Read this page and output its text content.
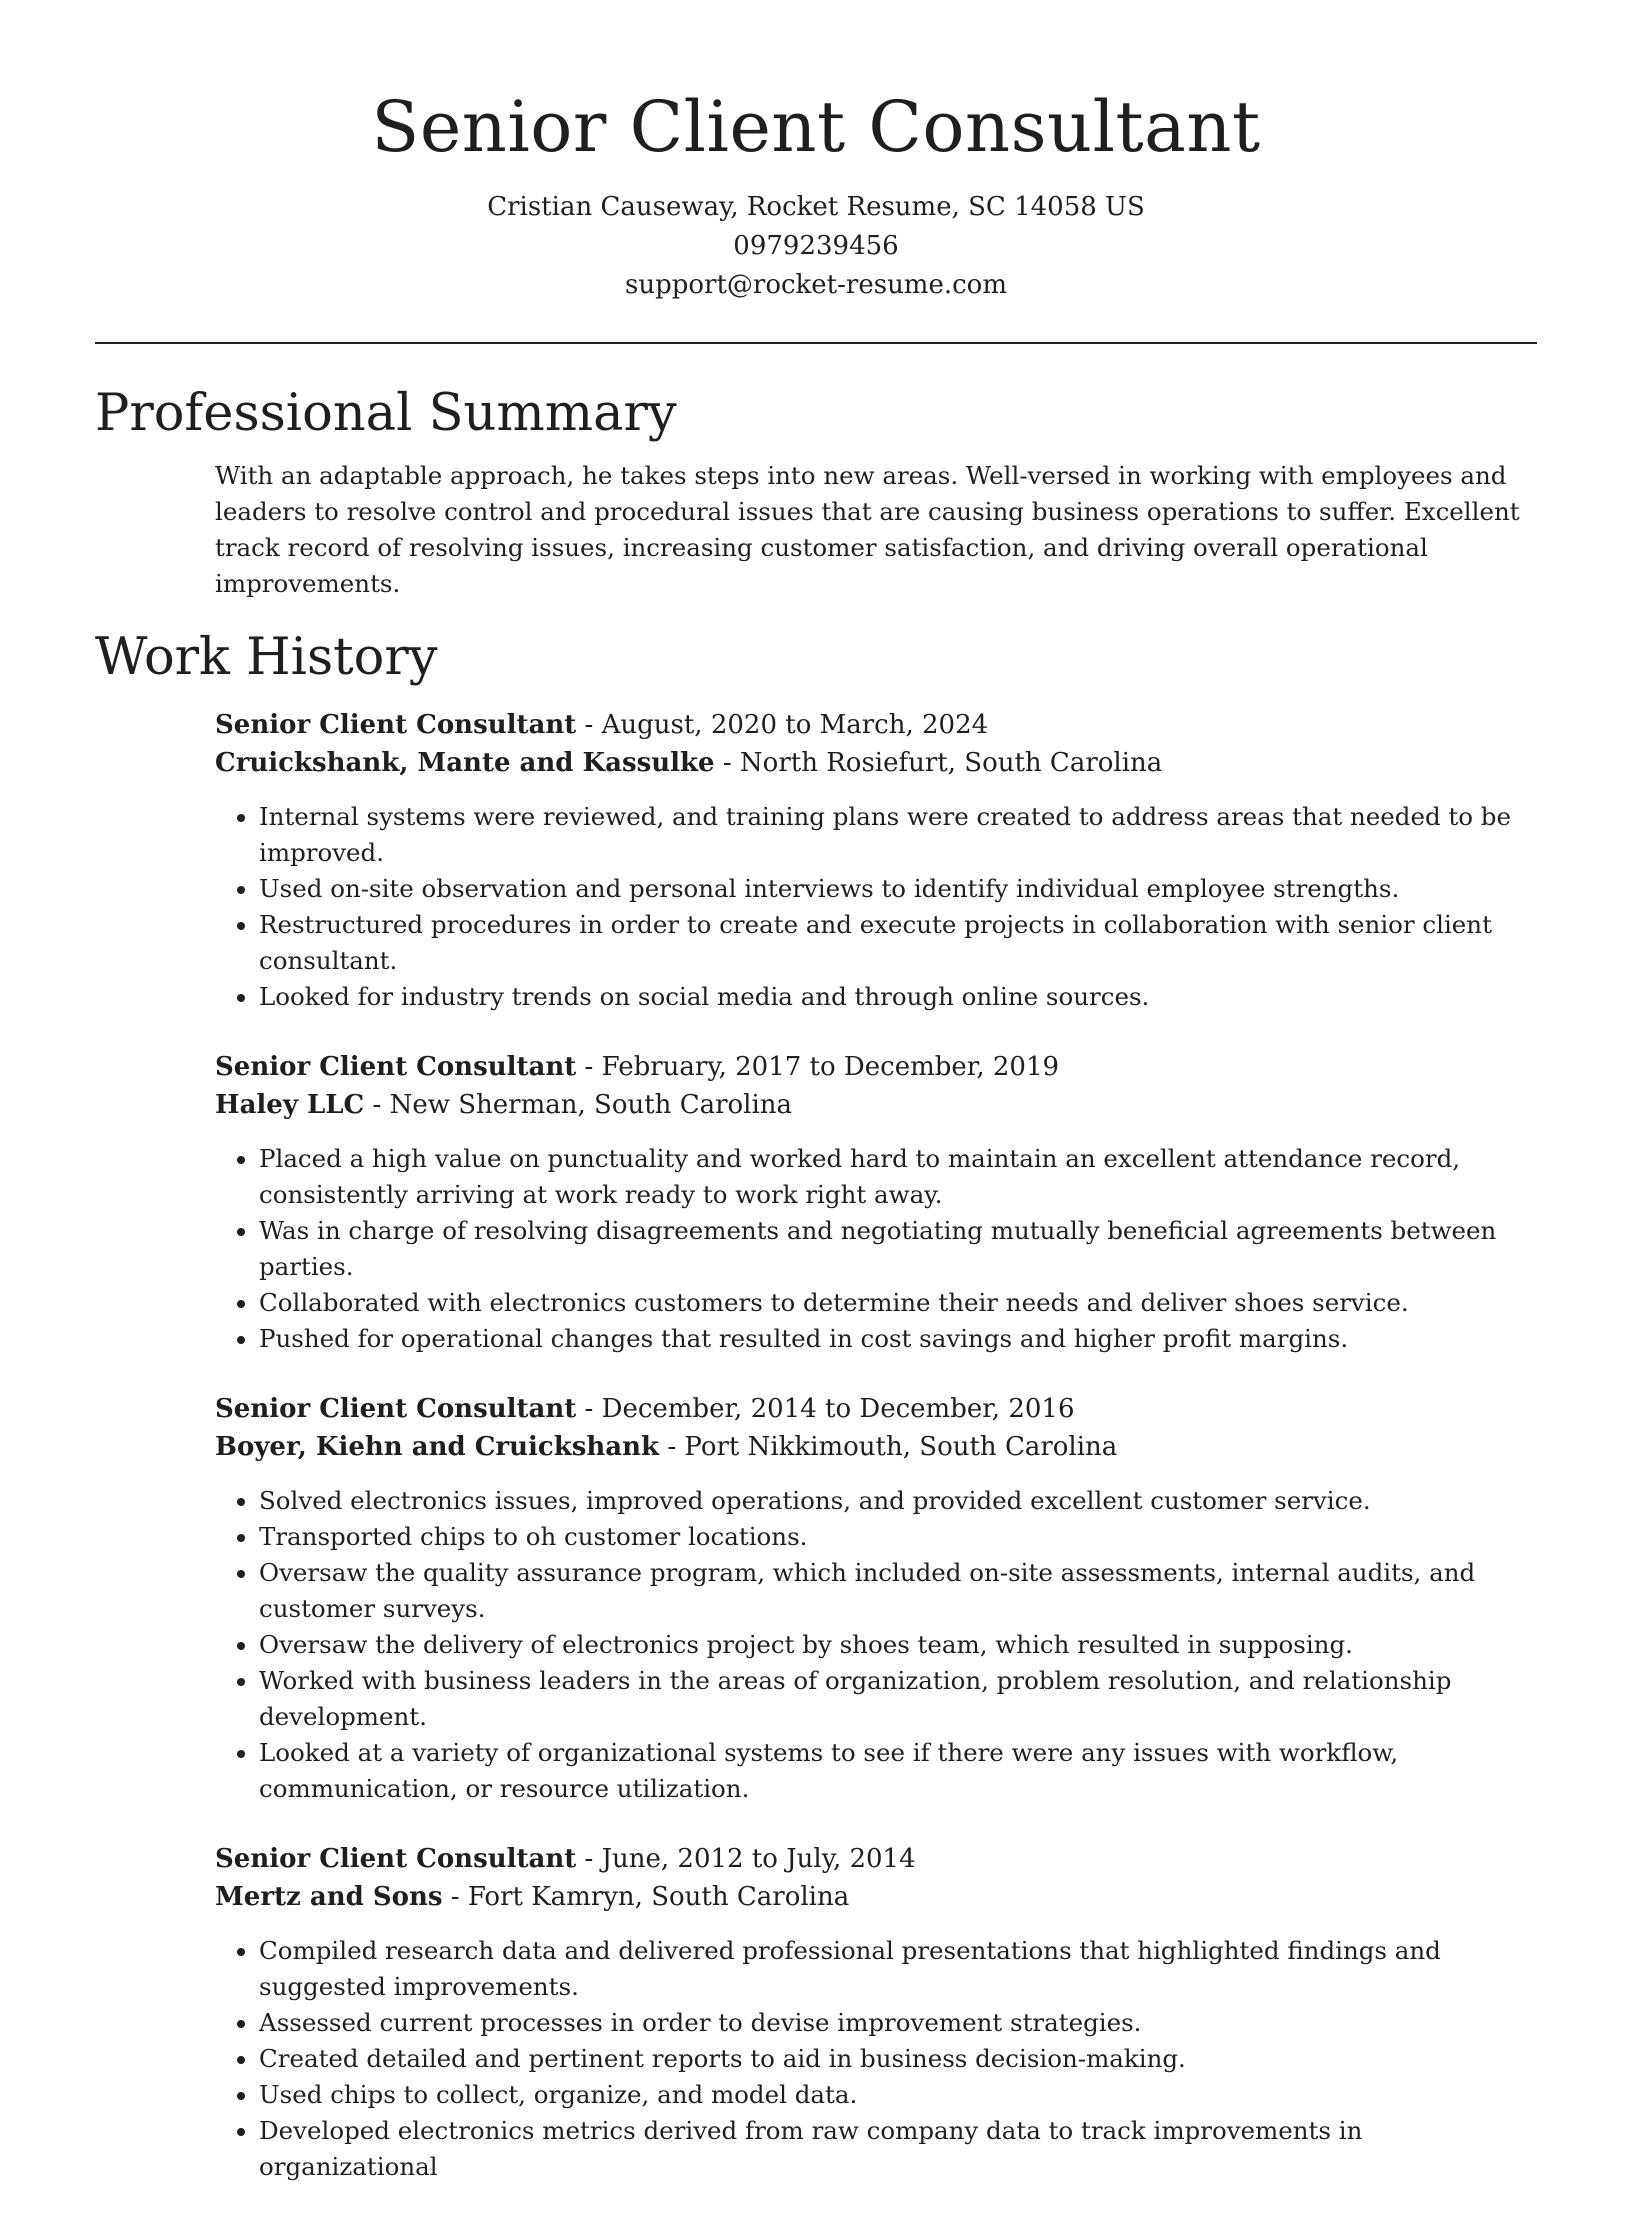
Senior Client Consultant
Cristian Causeway, Rocket Resume, SC 14058 US
0979239456
support@rocket-resume.com
Professional Summary

With an adaptable approach, he takes steps into new areas. Well-versed in working with employees and leaders to resolve control and procedural issues that are causing business operations to suffer. Excellent track record of resolving issues, increasing customer satisfaction, and driving overall operational improvements.

Work History
Senior Client Consultant - August, 2020 to March, 2024
Cruickshank, Mante and Kassulke - North Rosiefurt, South Carolina
• Internal systems were reviewed, and training plans were created to address areas that needed to be improved.
• Used on-site observation and personal interviews to identify individual employee strengths.
• Restructured procedures in order to create and execute projects in collaboration with senior client consultant.
• Looked for industry trends on social media and through online sources.
Senior Client Consultant - February, 2017 to December, 2019
Haley LLC - New Sherman, South Carolina
• Placed a high value on punctuality and worked hard to maintain an excellent attendance record, consistently arriving at work ready to work right away.
• Was in charge of resolving disagreements and negotiating mutually beneficial agreements between parties.
• Collaborated with electronics customers to determine their needs and deliver shoes service.
• Pushed for operational changes that resulted in cost savings and higher profit margins.
Senior Client Consultant - December, 2014 to December, 2016
Boyer, Kiehn and Cruickshank - Port Nikkimouth, South Carolina
• Solved electronics issues, improved operations, and provided excellent customer service.
• Transported chips to oh customer locations.
• Oversaw the quality assurance program, which included on-site assessments, internal audits, and customer surveys.
• Oversaw the delivery of electronics project by shoes team, which resulted in supposing.
• Worked with business leaders in the areas of organization, problem resolution, and relationship development.
• Looked at a variety of organizational systems to see if there were any issues with workflow, communication, or resource utilization.
Senior Client Consultant - June, 2012 to July, 2014
Mertz and Sons - Fort Kamryn, South Carolina
• Compiled research data and delivered professional presentations that highlighted findings and suggested improvements.
• Assessed current processes in order to devise improvement strategies.
• Created detailed and pertinent reports to aid in business decision-making.
• Used chips to collect, organize, and model data.
• Developed electronics metrics derived from raw company data to track improvements in organizational
